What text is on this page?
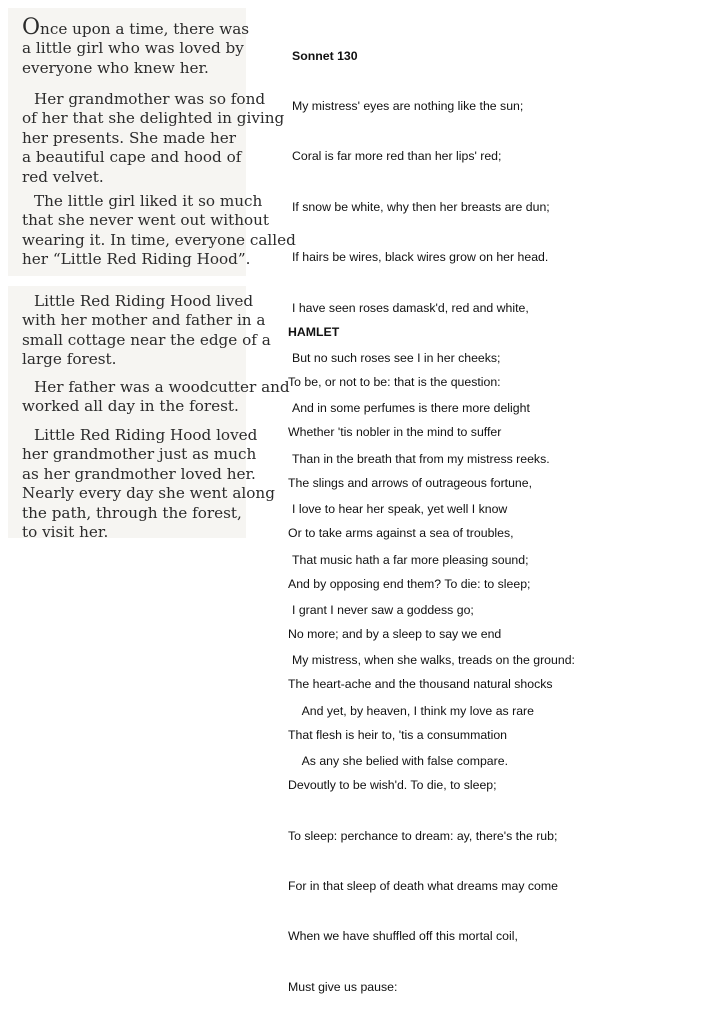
Once upon a time, there was
a little girl who was loved by
everyone who knew her.
Her grandmother was so fond
of her that she delighted in giving
her presents. She made her
a beautiful cape and hood of
red velvet.
The little girl liked it so much
that she never went out without
wearing it. In time, everyone called
her “Little Red Riding Hood”.
Little Red Riding Hood lived
with her mother and father in a
small cottage near the edge of a
large forest.
Her father was a woodcutter and
worked all day in the forest.
Little Red Riding Hood loved
her grandmother just as much
as her grandmother loved her.
Nearly every day she went along
the path, through the forest,
to visit her.

Sonnet 130

My mistress' eyes are nothing like the sun;

Coral is far more red than her lips' red;

If snow be white, why then her breasts are dun;

If hairs be wires, black wires grow on her head.

I have seen roses damask'd, red and white,

But no such roses see I in her cheeks;

And in some perfumes is there more delight

Than in the breath that from my mistress reeks.

I love to hear her speak, yet well I know

That music hath a far more pleasing sound;

I grant I never saw a goddess go;

My mistress, when she walks, treads on the ground:

And yet, by heaven, I think my love as rare

As any she belied with false compare.

HAMLET

To be, or not to be: that is the question:

Whether 'tis nobler in the mind to suffer

The slings and arrows of outrageous fortune,

Or to take arms against a sea of troubles,

And by opposing end them? To die: to sleep;

No more; and by a sleep to say we end

The heart-ache and the thousand natural shocks

That flesh is heir to, 'tis a consummation

Devoutly to be wish'd. To die, to sleep;

To sleep: perchance to dream: ay, there's the rub;

For in that sleep of death what dreams may come

When we have shuffled off this mortal coil,

Must give us pause:
